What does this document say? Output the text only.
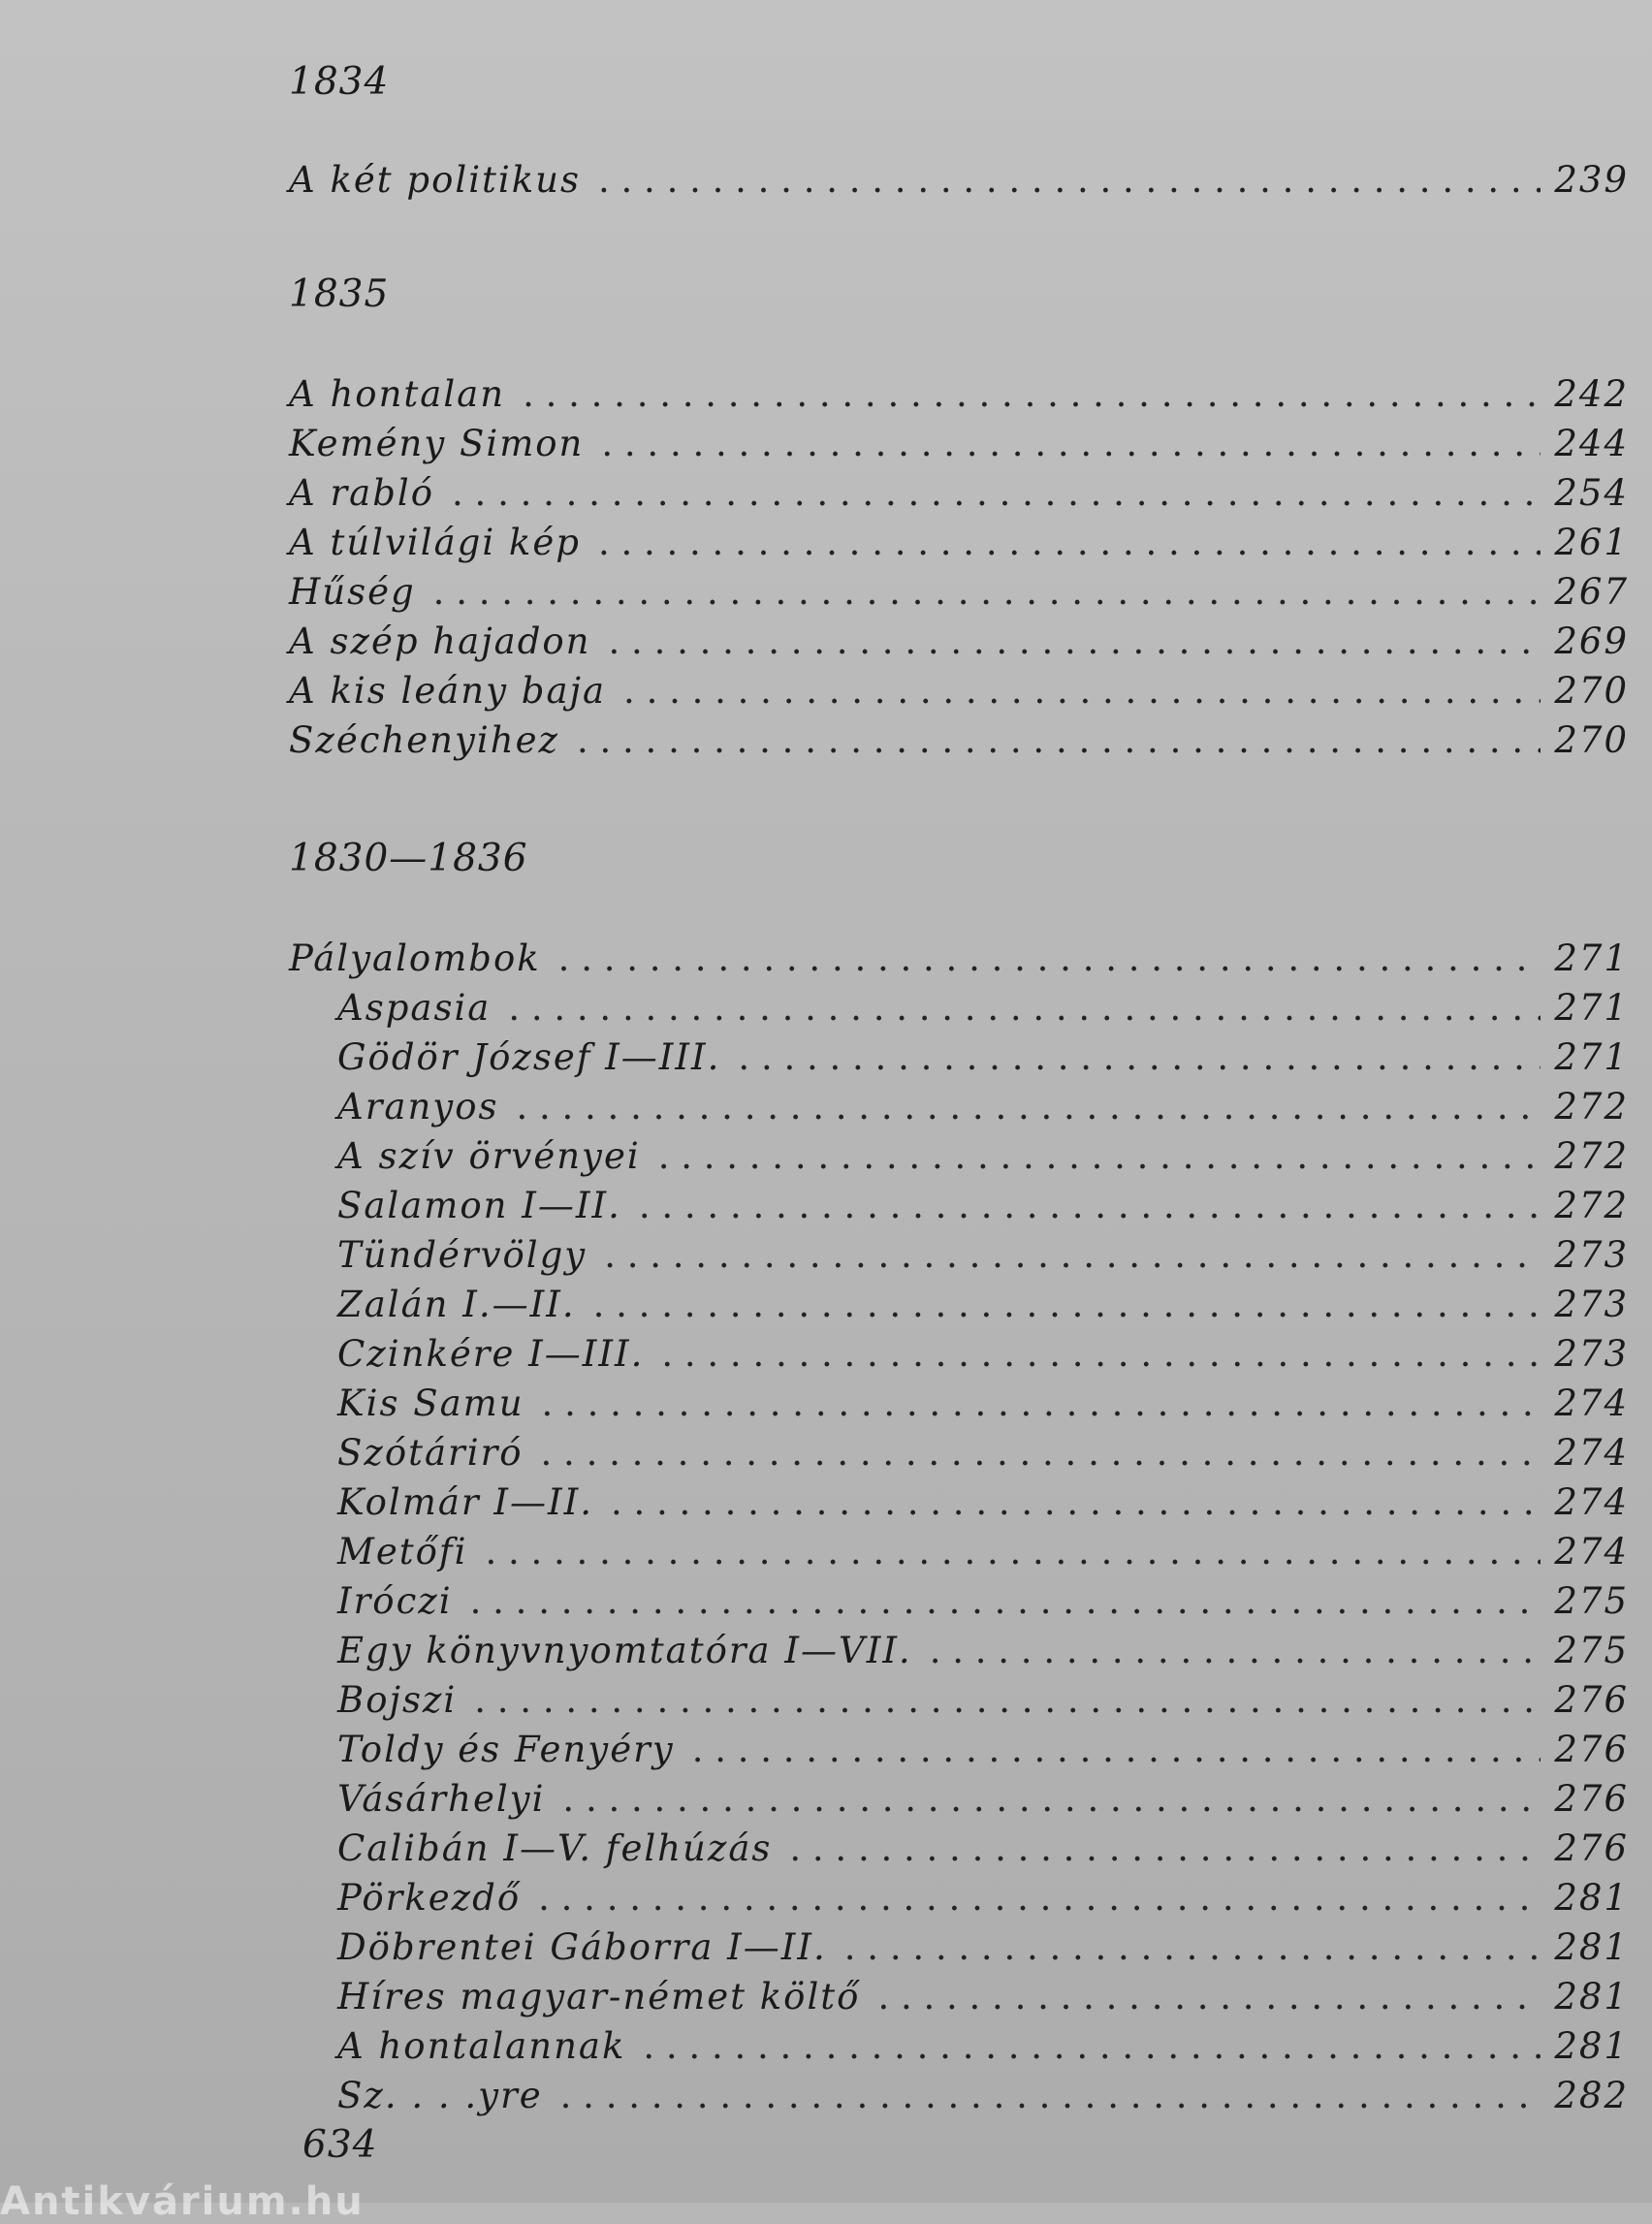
1834
A két politikus . . .	239
1835
A hontalan . . .	242
Kemény Simon . . .	244
A rabló . . .	254
A túlvilági kép . . .	261
Hűség . . .	267
A szép hajadon . . .	269
A kis leány baja . . .	270
Széchenyihez . . .	270
1830—1836
Pályalombok . . .	271
Aspasia . . .	271
Gödör József I—III. . . .	271
Aranyos . . .	272
A szív örvényei . . .	272
Salamon I—II. . . .	272
Tündérvölgy . . .	273
Zalán I.—II. . . .	273
Czinkére I—III. . . .	273
Kis Samu . . .	274
Szótáriró . . .	274
Kolmár I—II. . . .	274
Metőfi . . .	274
Iróczi . . .	275
Egy könyvnyomtatóra I—VII. . . .	275
Bojszi . . .	276
Toldy és Fenyéry . . .	276
Vásárhelyi . . .	276
Calibán I—V. felhúzás . . .	276
Pörkezdő . . .	281
Döbrentei Gáborra I—II. . . .	281
Híres magyar-német költő . . .	281
A hontalannak . . .	281
Sz. . . .yre . . .	282
634
Antikvárium.hu
